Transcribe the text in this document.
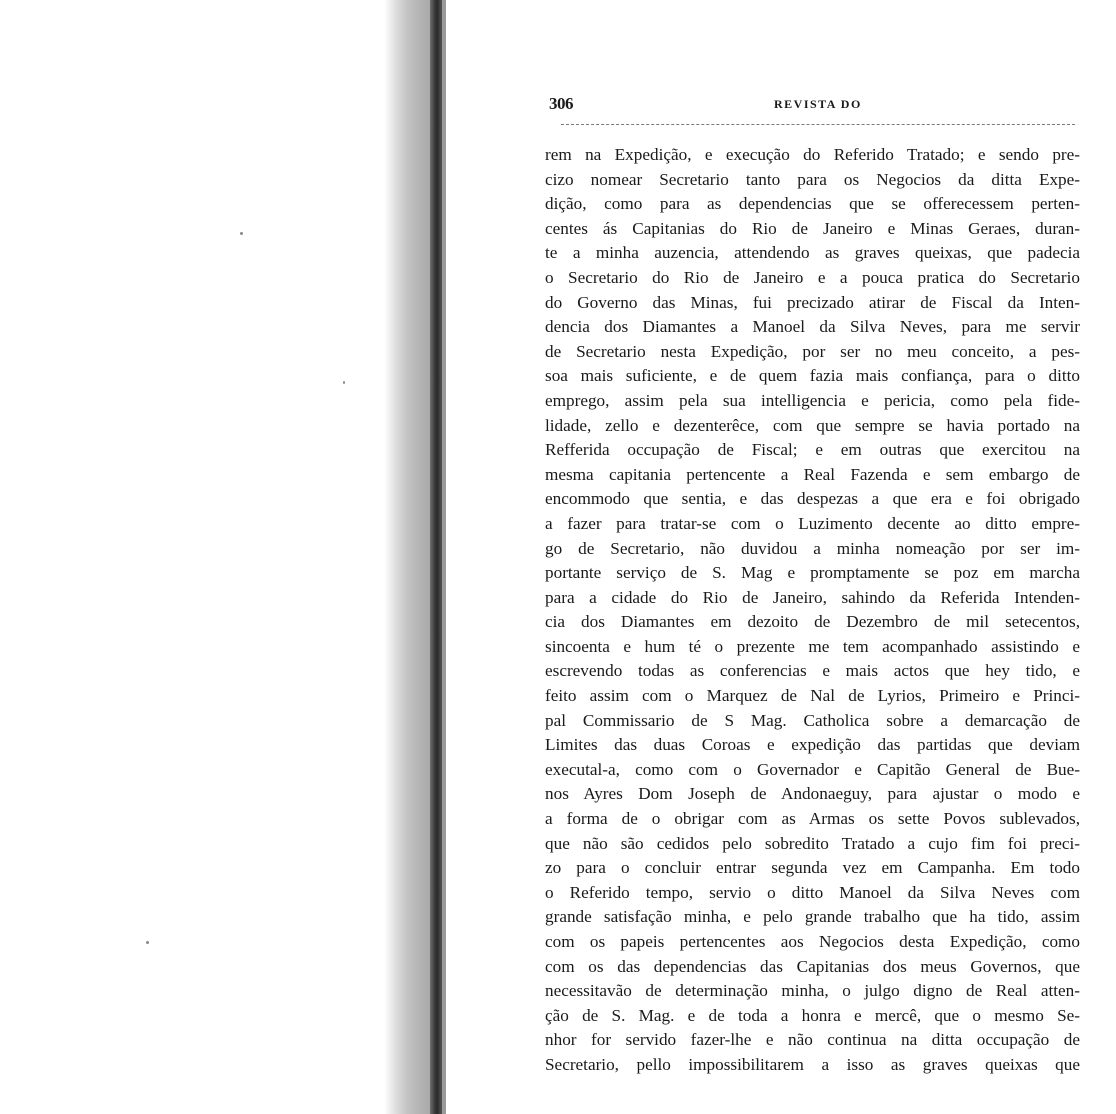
306	REVISTA DO
rem na Expedição, e execução do Referido Tratado; e sendo pre-
cizo nomear Secretario tanto para os Negocios da ditta Expe-
dição, como para as dependencias que se offerecessem perten-
centes ás Capitanias do Rio de Janeiro e Minas Geraes, duran-
te a minha auzencia, attendendo as graves queixas, que padecia
o Secretario do Rio de Janeiro e a pouca pratica do Secretario
do Governo das Minas, fui precizado atirar de Fiscal da Inten-
dencia dos Diamantes a Manoel da Silva Neves, para me servir
de Secretario nesta Expedição, por ser no meu conceito, a pes-
soa mais suficiente, e de quem fazia mais confiança, para o ditto
emprego, assim pela sua intelligencia e pericia, como pela fide-
lidade, zello e dezenterêce, com que sempre se havia portado na
Refferida occupação de Fiscal; e em outras que exercitou na
mesma capitania pertencente a Real Fazenda e sem embargo de
encommodo que sentia, e das despezas a que era e foi obrigado
a fazer para tratar-se com o Luzimento decente ao ditto empre-
go de Secretario, não duvidou a minha nomeação por ser im-
portante serviço de S. Mag e promptamente se poz em marcha
para a cidade do Rio de Janeiro, sahindo da Referida Intenden-
cia dos Diamantes em dezoito de Dezembro de mil setecentos,
sincoenta e hum té o prezente me tem acompanhado assistindo e
escrevendo todas as conferencias e mais actos que hey tido, e
feito assim com o Marquez de Nal de Lyrios, Primeiro e Princi-
pal Commissario de S Mag. Catholica sobre a demarcação de
Limites das duas Coroas e expedição das partidas que deviam
executal-a, como com o Governador e Capitão General de Bue-
nos Ayres Dom Joseph de Andonaeguy, para ajustar o modo e
a forma de o obrigar com as Armas os sette Povos sublevados,
que não são cedidos pelo sobredito Tratado a cujo fim foi preci-
zo para o concluir entrar segunda vez em Campanha. Em todo
o Referido tempo, servio o ditto Manoel da Silva Neves com
grande satisfação minha, e pelo grande trabalho que ha tido, assim
com os papeis pertencentes aos Negocios desta Expedição, como
com os das dependencias das Capitanias dos meus Governos, que
necessitavão de determinação minha, o julgo digno de Real atten-
ção de S. Mag. e de toda a honra e mercê, que o mesmo Se-
nhor for servido fazer-lhe e não continua na ditta occupação de
Secretario, pello impossibilitarem a isso as graves queixas que
